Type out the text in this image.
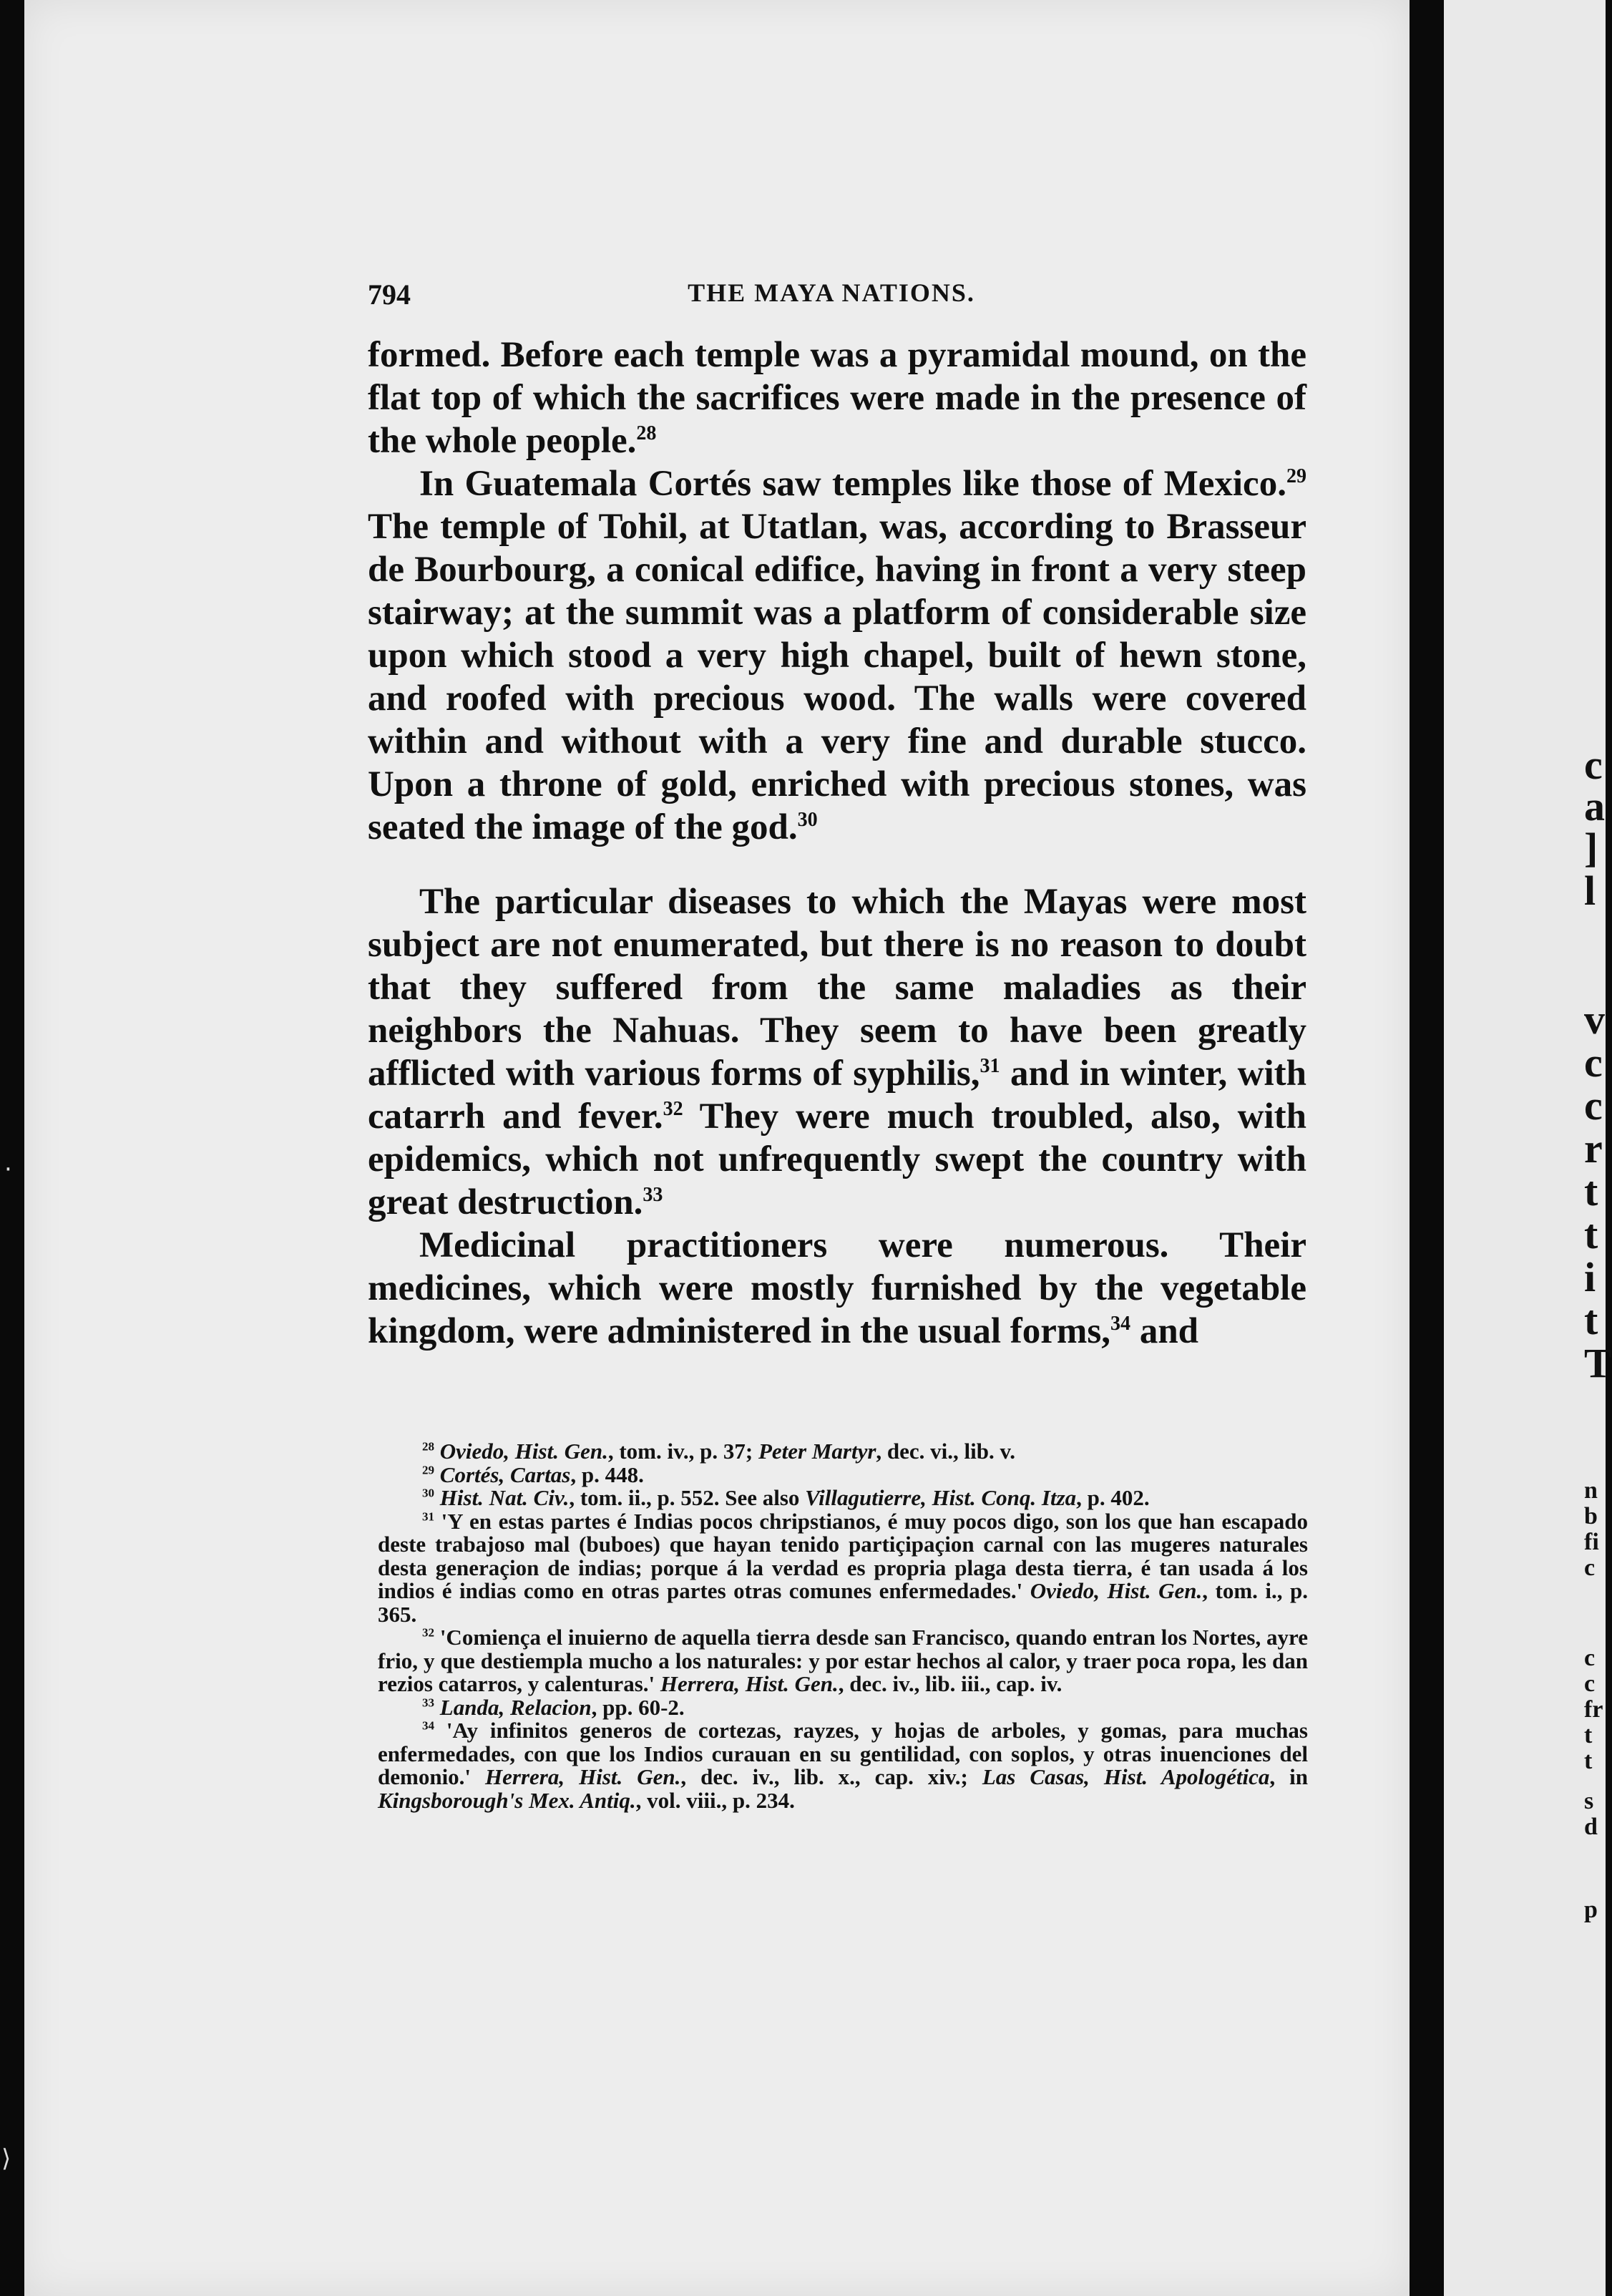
794	THE MAYA NATIONS.

formed. Before each temple was a pyramidal mound, on the flat top of which the sacrifices were made in the presence of the whole people.$^{28}$

In Guatemala Cortés saw temples like those of Mexico.$^{29}$ The temple of Tohil, at Utatlan, was, according to Brasseur de Bourbourg, a conical edifice, having in front a very steep stairway; at the summit was a platform of considerable size upon which stood a very high chapel, built of hewn stone, and roofed with precious wood. The walls were covered within and without with a very fine and durable stucco. Upon a throne of gold, enriched with precious stones, was seated the image of the god.$^{30}$

The particular diseases to which the Mayas were most subject are not enumerated, but there is no reason to doubt that they suffered from the same maladies as their neighbors the Nahuas. They seem to have been greatly afflicted with various forms of syphilis,$^{31}$ and in winter, with catarrh and fever.$^{32}$ They were much troubled, also, with epidemics, which not unfrequently swept the country with great destruction.$^{33}$

Medicinal practitioners were numerous. Their medicines, which were mostly furnished by the vegetable kingdom, were administered in the usual forms,$^{34}$ and

$^{28}$ Oviedo, Hist. Gen., tom. iv., p. 37; Peter Martyr, dec. vi., lib. v.

$^{29}$ Cortés, Cartas, p. 448.

$^{30}$ Hist. Nat. Civ., tom. ii., p. 552. See also Villagutierre, Hist. Conq. Itza, p. 402.

$^{31}$ 'Y en estas partes é Indias pocos chripstianos, é muy pocos digo, son los que han escapado deste trabajoso mal (buboes) que hayan tenido partiçipaçion carnal con las mugeres naturales desta generaçion de indias; porque á la verdad es propria plaga desta tierra, é tan usada á los indios é indias como en otras partes otras comunes enfermedades.' Oviedo, Hist. Gen., tom. i., p. 365.

$^{32}$ 'Comiença el inuierno de aquella tierra desde san Francisco, quando entran los Nortes, ayre frio, y que destiempla mucho a los naturales: y por estar hechos al calor, y traer poca ropa, les dan rezios catarros, y calenturas.' Herrera, Hist. Gen., dec. iv., lib. iii., cap. iv.

$^{33}$ Landa, Relacion, pp. 60-2.

$^{34}$ 'Ay infinitos generos de cortezas, rayzes, y hojas de arboles, y gomas, para muchas enfermedades, con que los Indios curauan en su gentilidad, con soplos, y otras inuenciones del demonio.' Herrera, Hist. Gen., dec. iv., lib. x., cap. xiv.; Las Casas, Hist. Apologética, in Kingsborough's Mex. Antiq., vol. viii., p. 234.

c
a
]
l
v
c
c
r
t
t
i
t
T
n
b
fi
c
c
c
fr
t
t
s
d
p
·
⟩
